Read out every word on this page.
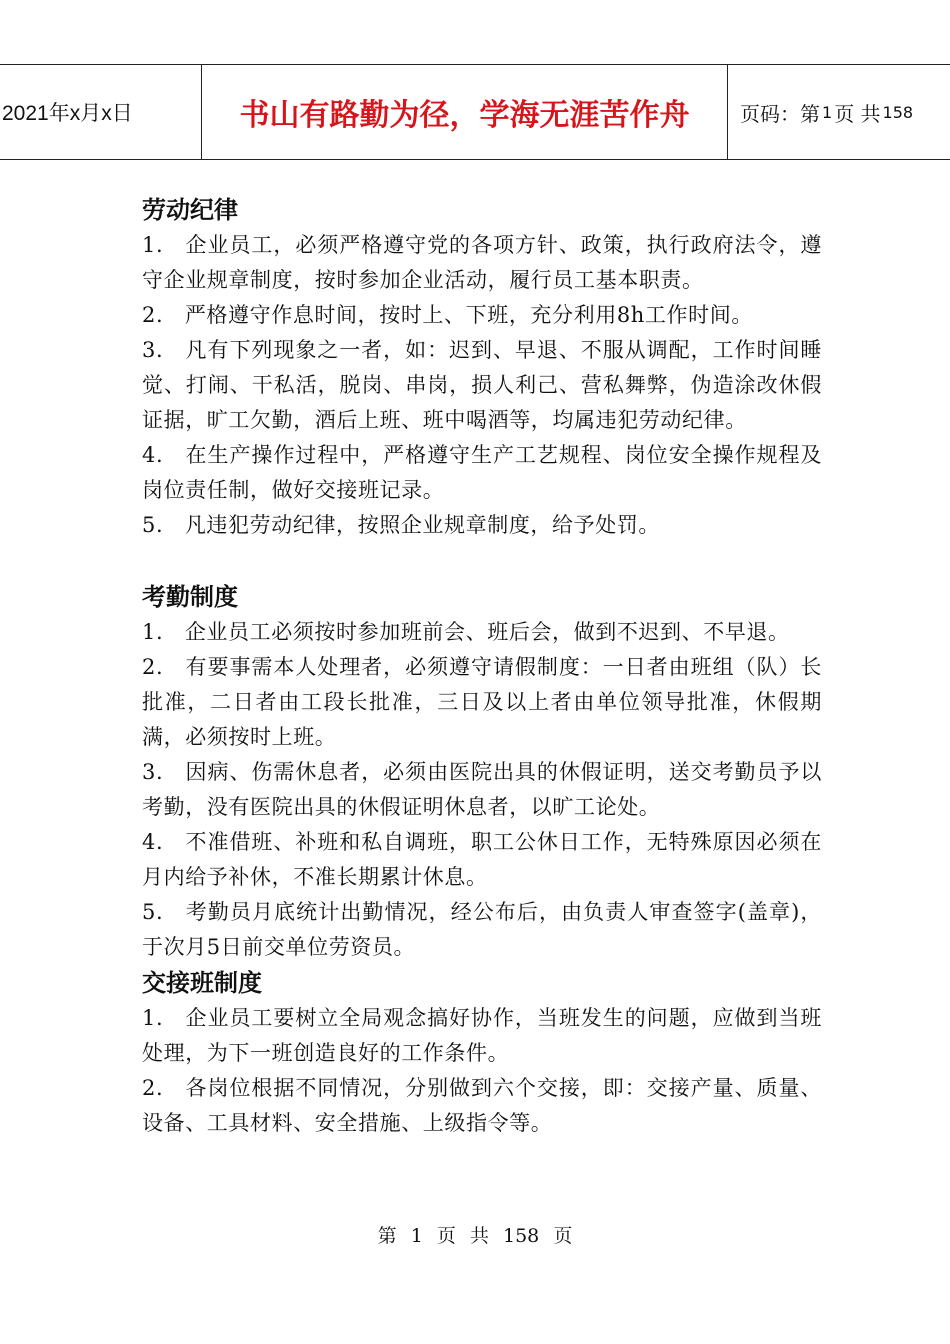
2021年x月x日	书山有路勤为径，学海无涯苦作舟	页码：第 1 页 共 158
劳动纪律

1.　企业员工，必须严格遵守党的各项方针、政策，执行政府法令，遵守企业规章制度，按时参加企业活动，履行员工基本职责。

2.　严格遵守作息时间，按时上、下班，充分利用8h工作时间。

3.　凡有下列现象之一者，如：迟到、早退、不服从调配，工作时间睡觉、打闹、干私活，脱岗、串岗，损人利己、营私舞弊，伪造涂改休假证据，旷工欠勤，酒后上班、班中喝酒等，均属违犯劳动纪律。

4.　在生产操作过程中，严格遵守生产工艺规程、岗位安全操作规程及岗位责任制，做好交接班记录。

5.　凡违犯劳动纪律，按照企业规章制度，给予处罚。

考勤制度

1.　企业员工必须按时参加班前会、班后会，做到不迟到、不早退。

2.　有要事需本人处理者，必须遵守请假制度：一日者由班组（队）长批准，二日者由工段长批准，三日及以上者由单位领导批准，休假期满，必须按时上班。

3.　因病、伤需休息者，必须由医院出具的休假证明，送交考勤员予以考勤，没有医院出具的休假证明休息者，以旷工论处。

4.　不准借班、补班和私自调班，职工公休日工作，无特殊原因必须在月内给予补休，不准长期累计休息。

5.　考勤员月底统计出勤情况，经公布后，由负责人审查签字(盖章)，于次月5日前交单位劳资员。

交接班制度

1.　企业员工要树立全局观念搞好协作，当班发生的问题，应做到当班处理，为下一班创造良好的工作条件。

2.　各岗位根据不同情况，分别做到六个交接，即：交接产量、质量、设备、工具材料、安全措施、上级指令等。

第 1 页 共 158 页
